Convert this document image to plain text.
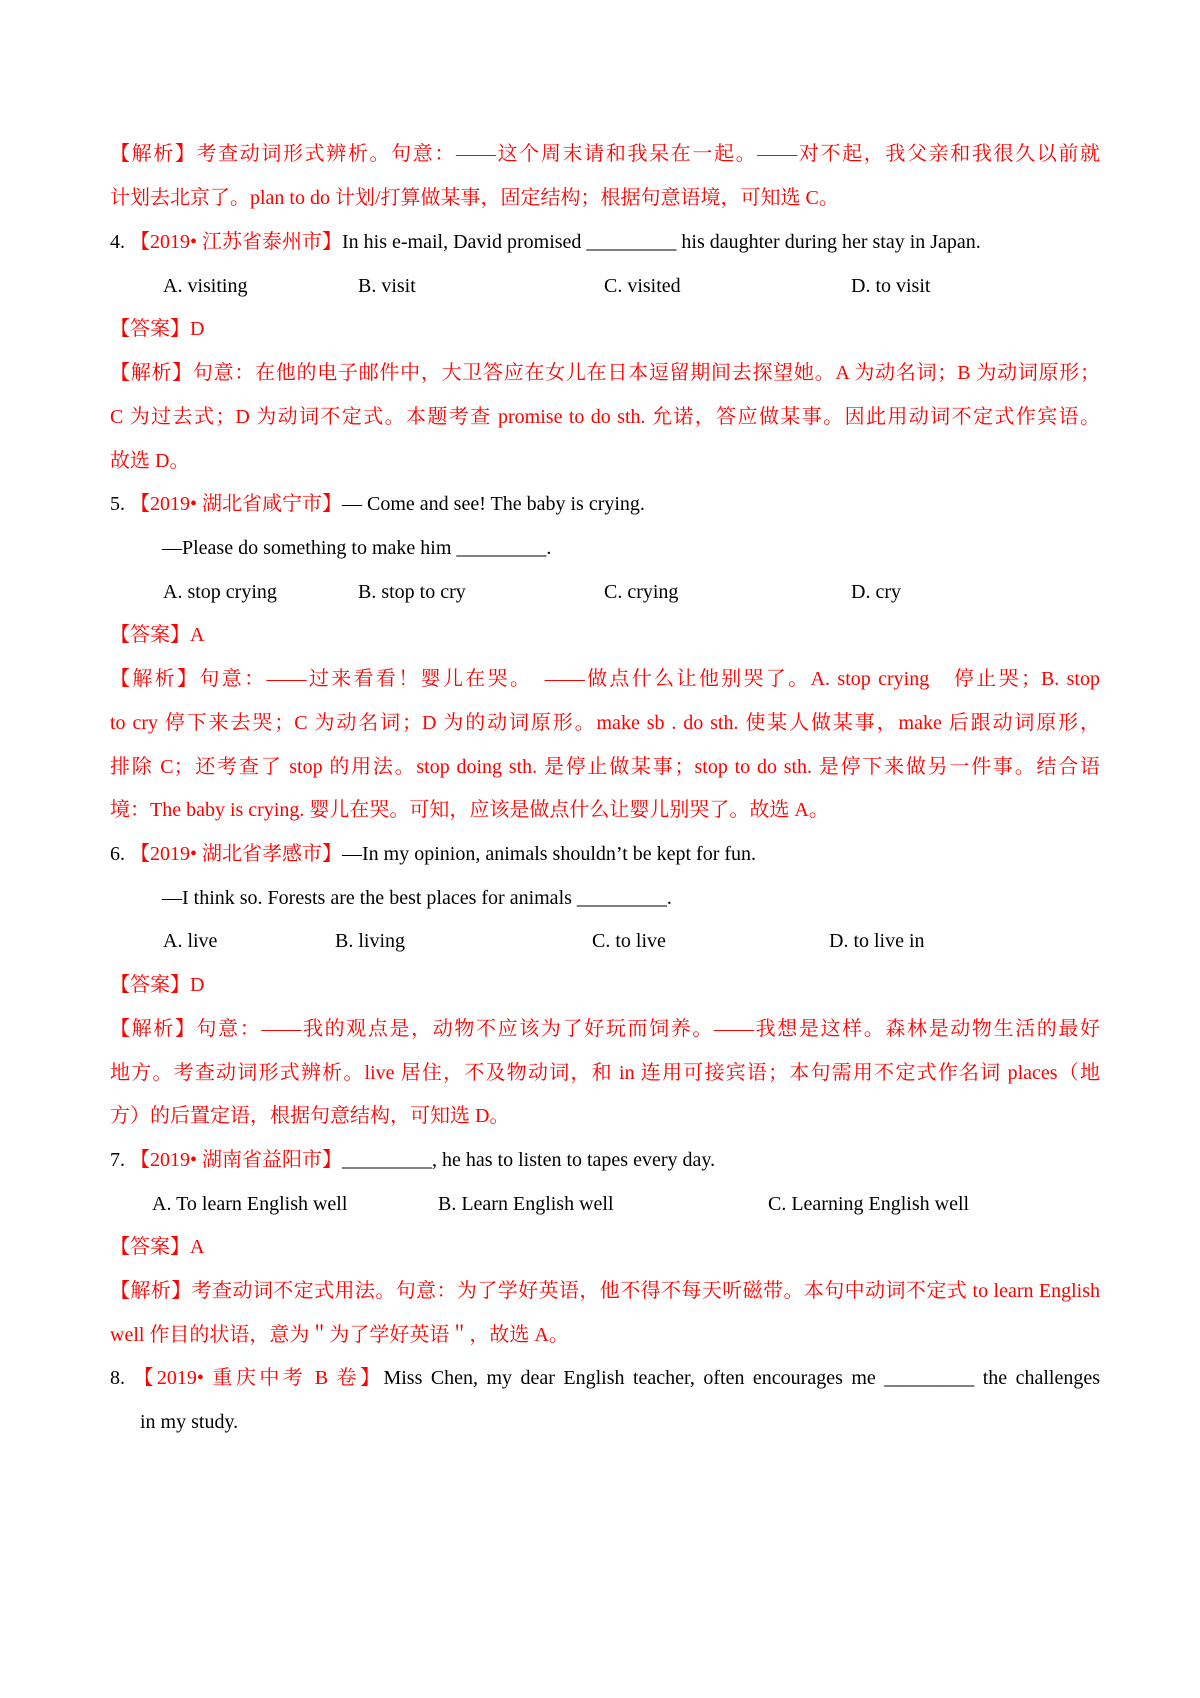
【解析】考查动词形式辨析。句意：——这个周末请和我呆在一起。——对不起，我父亲和我很久以前就
计划去北京了。plan to do 计划/打算做某事，固定结构；根据句意语境，可知选 C。
4. 【2019• 江苏省泰州市】In his e-mail, David promised _________ his daughter during her stay in Japan.
A. visiting	B. visit	C. visited	D. to visit
【答案】D
【解析】句意：在他的电子邮件中，大卫答应在女儿在日本逗留期间去探望她。A 为动名词；B 为动词原形；
C 为过去式；D 为动词不定式。本题考查 promise to do sth. 允诺，答应做某事。因此用动词不定式作宾语。
故选 D。
5. 【2019• 湖北省咸宁市】— Come and see! The baby is crying.
—Please do something to make him _________.
A. stop crying	B. stop to cry	C. crying	D. cry
【答案】A
【解析】句意：——过来看看！婴儿在哭。　——做点什么让他别哭了。A. stop crying　停止哭；B. stop
to cry 停下来去哭；C 为动名词；D 为的动词原形。make sb . do sth. 使某人做某事，make 后跟动词原形，
排除 C；还考查了 stop 的用法。stop doing sth. 是停止做某事；stop to do sth. 是停下来做另一件事。结合语
境：The baby is crying. 婴儿在哭。可知，应该是做点什么让婴儿别哭了。故选 A。
6. 【2019• 湖北省孝感市】—In my opinion, animals shouldn’t be kept for fun.
—I think so. Forests are the best places for animals _________.
A. live	B. living	C. to live	D. to live in
【答案】D
【解析】句意：——我的观点是，动物不应该为了好玩而饲养。——我想是这样。森林是动物生活的最好
地方。考查动词形式辨析。live 居住，不及物动词，和 in 连用可接宾语；本句需用不定式作名词 places（地
方）的后置定语，根据句意结构，可知选 D。
7. 【2019• 湖南省益阳市】_________, he has to listen to tapes every day.
A. To learn English well	B. Learn English well	C. Learning English well
【答案】A
【解析】考查动词不定式用法。句意：为了学好英语，他不得不每天听磁带。本句中动词不定式 to learn English
well 作目的状语，意为＂为了学好英语＂，故选 A。
8. 【2019• 重庆中考 B 卷】Miss Chen, my dear English teacher, often encourages me _________ the challenges
in my study.
